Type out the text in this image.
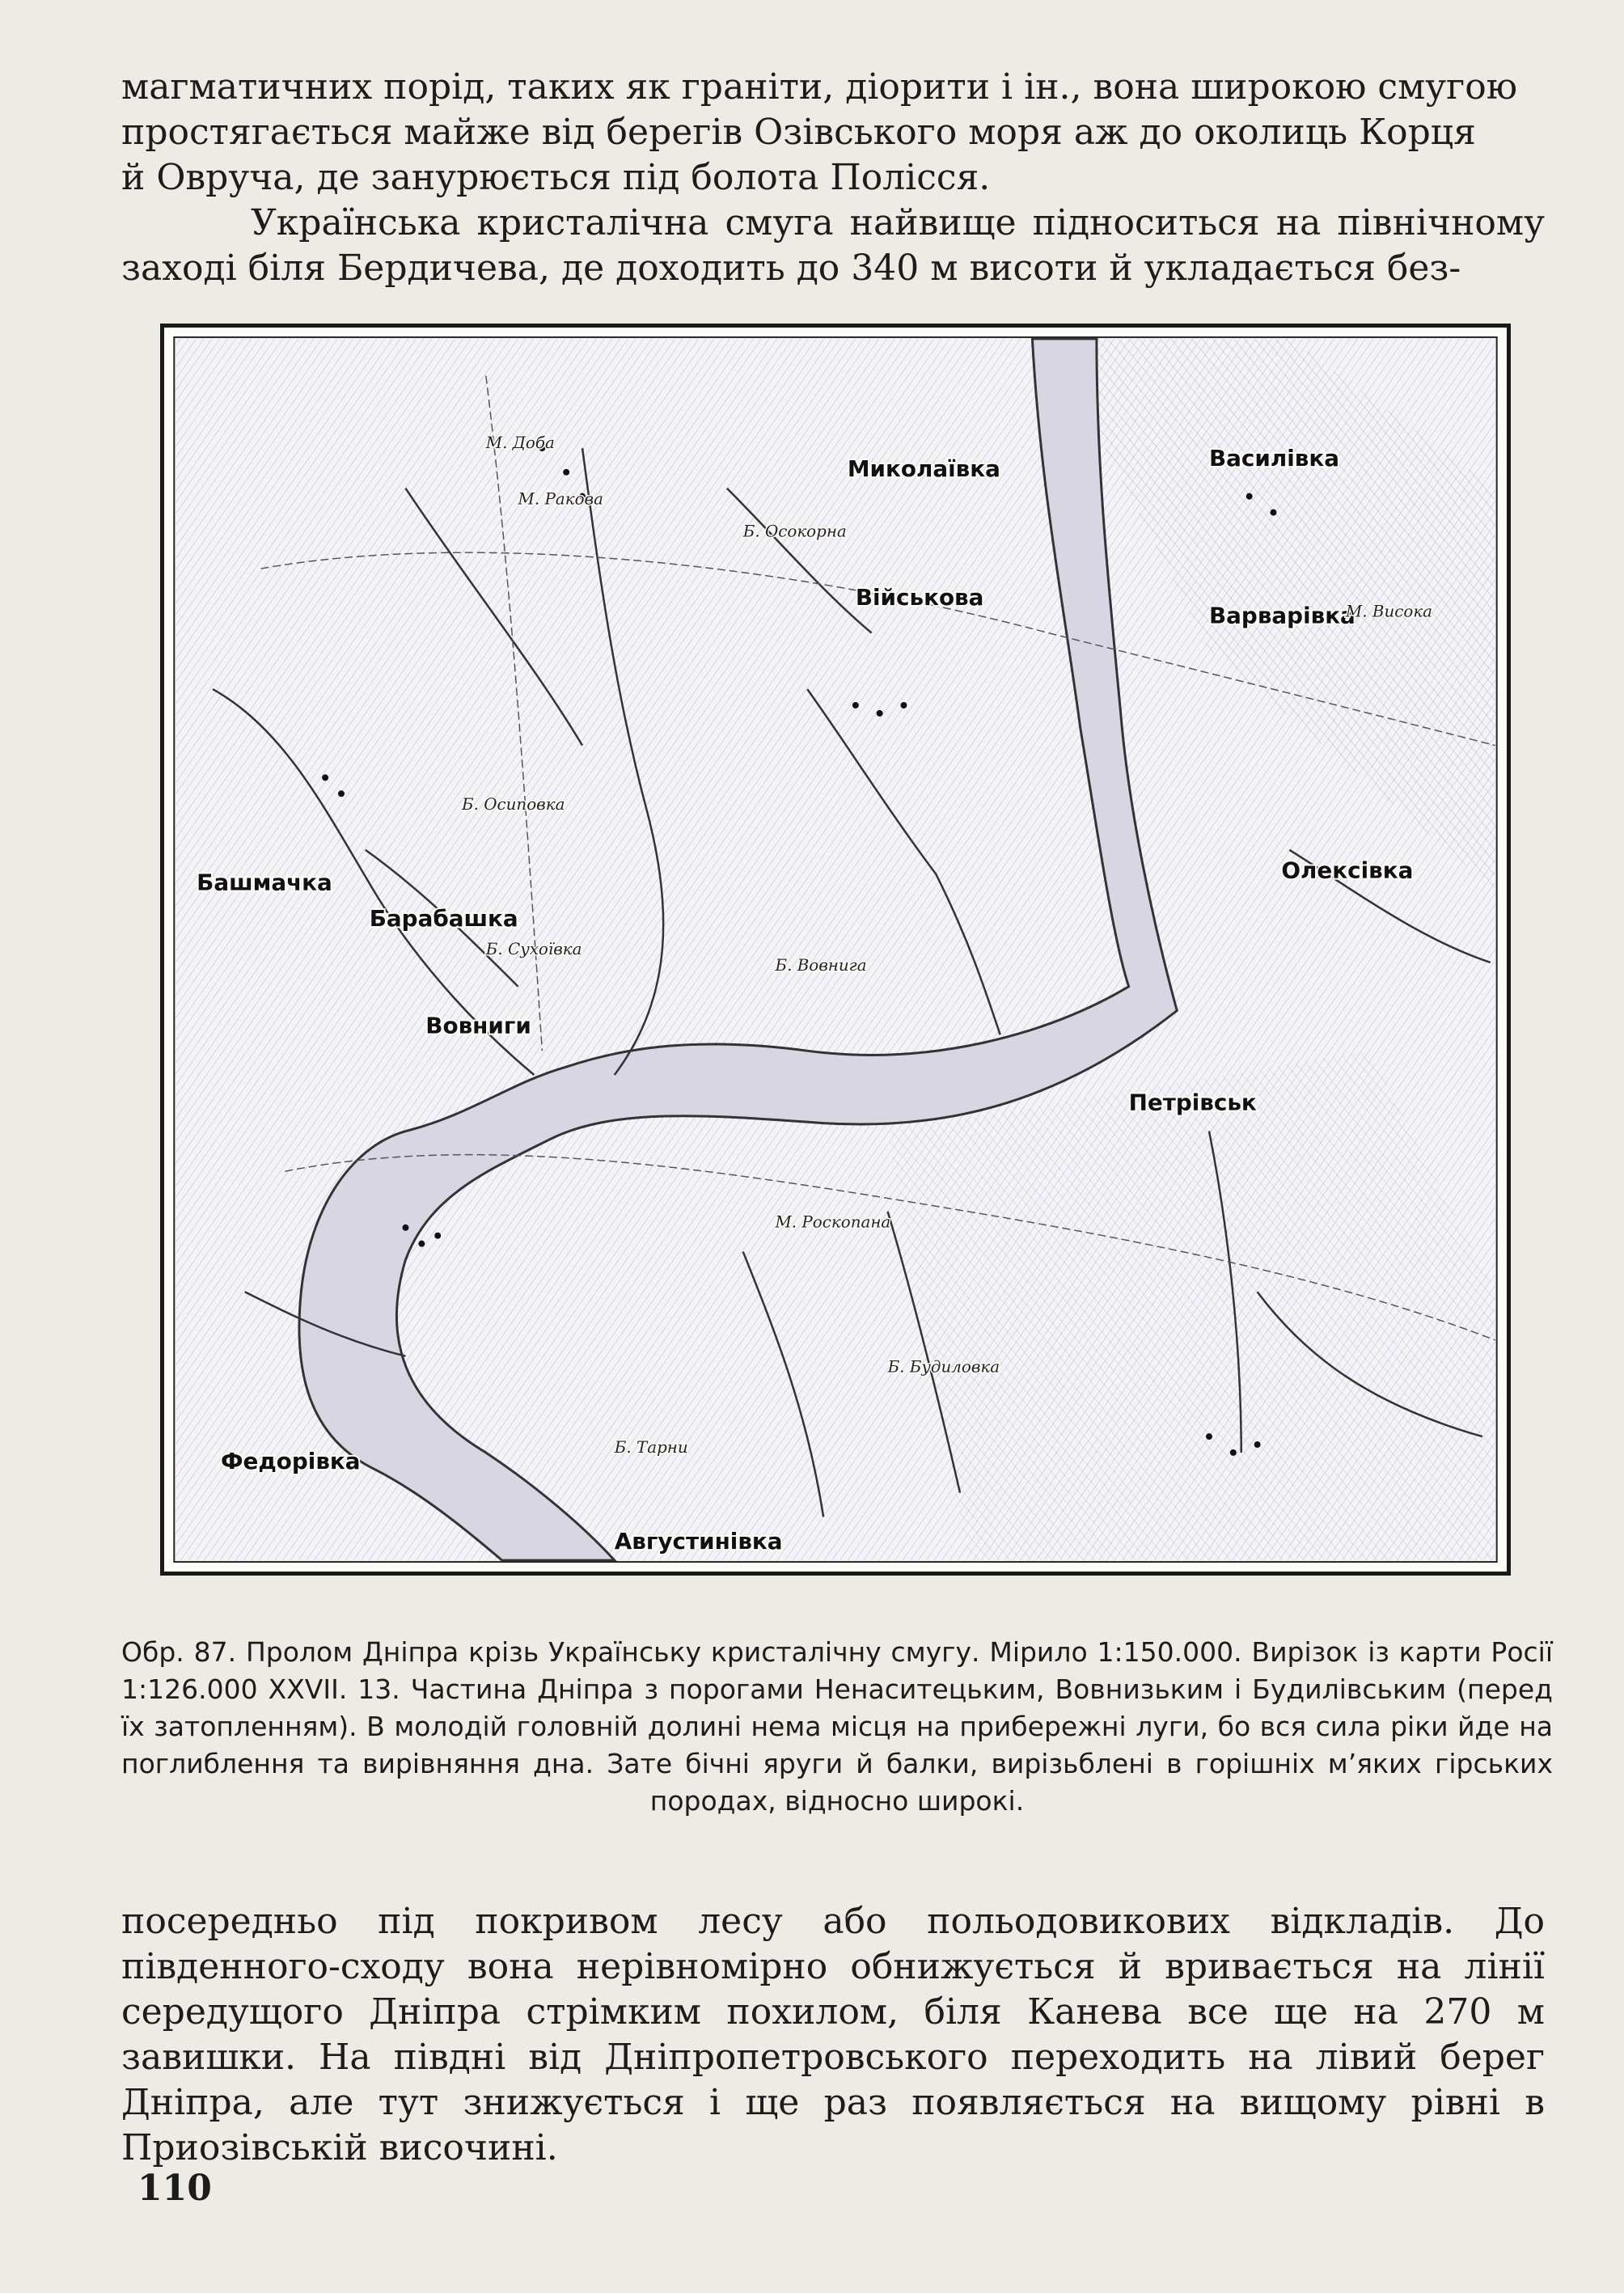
магматичних порід, таких як граніти, діорити і ін., вона широкою смугою
простягається майже від берегів Озівського моря аж до околиць Корця
й Овруча, де занурюється під болота Полісся.
Українська кристалічна смуга найвище підноситься на північному заході біля Бердичева, де доходить до 340 м висоти й укладається без-
Миколаївка	Василівка
Військова
Варварівка
Башмачка
Барабашка
Вовниги
Олексівка
Петрівськ
Федорівка
Августинівка
М. Доба
М. Ракова
Б. Осокорна
М. Роскопана
М. Висока
Б. Осиповка
Б. Сухоївка
Б. Тарни
Б. Вовнига
Б. Будиловка
Обр. 87. Пролом Дніпра крізь Українську кристалічну смугу. Мірило 1:150.000. Вирізок із карти Росії 1:126.000 XXVII. 13. Частина Дніпра з порогами Ненаситецьким, Вовнизьким і Будилівським (перед їх затопленням). В молодій головній долині нема місця на прибережні луги, бо вся сила ріки йде на поглиблення та вирівняння дна. Зате бічні яруги й балки, вирізьблені в горішніх м’яких гірських породах, відносно широкі.
посередньо під покривом лесу або польодовикових відкладів. До південного-сходу вона нерівномірно обнижується й вривається на лінії середущого Дніпра стрімким похилом, біля Канева все ще на 270 м завишки. На півдні від Дніпропетровського переходить на лівий берег Дніпра, але тут знижується і ще раз появляється на вищому рівні в Приозівській височині.
110
